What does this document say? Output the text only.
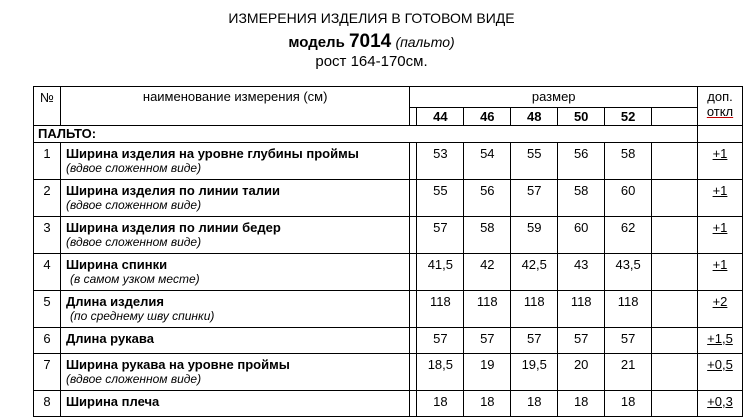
ИЗМЕРЕНИЯ ИЗДЕЛИЯ В ГОТОВОМ ВИДЕ
модель 7014 (пальто)
рост 164-170см.
№	наименование измерения (см)	размер							доп.
откл
			44	46	48	50	52		
ПАЛЬТО:									
1	Ширина изделия на уровне глубины проймы
(вдвое сложенном виде)		53	54	55	56	58		+1
2	Ширина изделия по линии талии
(вдвое сложенном виде)		55	56	57	58	60		+1
3	Ширина изделия по линии бедер
(вдвое сложенном виде)		57	58	59	60	62		+1
4	Ширина спинки
(в самом узком месте)		41,5	42	42,5	43	43,5		+1
5	Длина изделия
(по среднему шву спинки)		118	118	118	118	118		+2
6	Длина рукава		57	57	57	57	57		+1,5
7	Ширина рукава на уровне проймы
(вдвое сложенном виде)		18,5	19	19,5	20	21		+0,5
8	Ширина плеча		18	18	18	18	18		+0,3
